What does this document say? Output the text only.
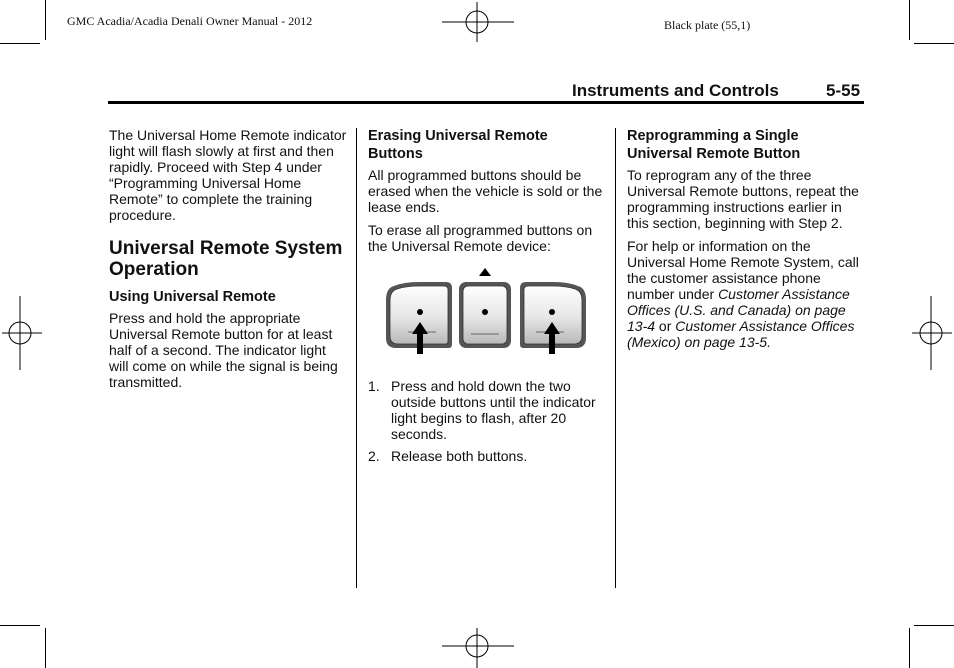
GMC Acadia/Acadia Denali Owner Manual - 2012	Black plate (55,1)
Instruments and Controls	5-55

The Universal Home Remote indicator light will flash slowly at first and then rapidly. Proceed with Step 4 under “Programming Universal Home Remote” to complete the training procedure.

Universal Remote System Operation
Using Universal Remote

Press and hold the appropriate Universal Remote button for at least half of a second. The indicator light will come on while the signal is being transmitted.

Erasing Universal Remote Buttons

All programmed buttons should be erased when the vehicle is sold or the lease ends.

To erase all programmed buttons on the Universal Remote device:

1. Press and hold down the two outside buttons until the indicator light begins to flash, after 20 seconds.
2. Release both buttons.
Reprogramming a Single Universal Remote Button

To reprogram any of the three Universal Remote buttons, repeat the programming instructions earlier in this section, beginning with Step 2.

For help or information on the Universal Home Remote System, call the customer assistance phone number under Customer Assistance Offices (U.S. and Canada) on page 13-4 or Customer Assistance Offices (Mexico) on page 13-5.
